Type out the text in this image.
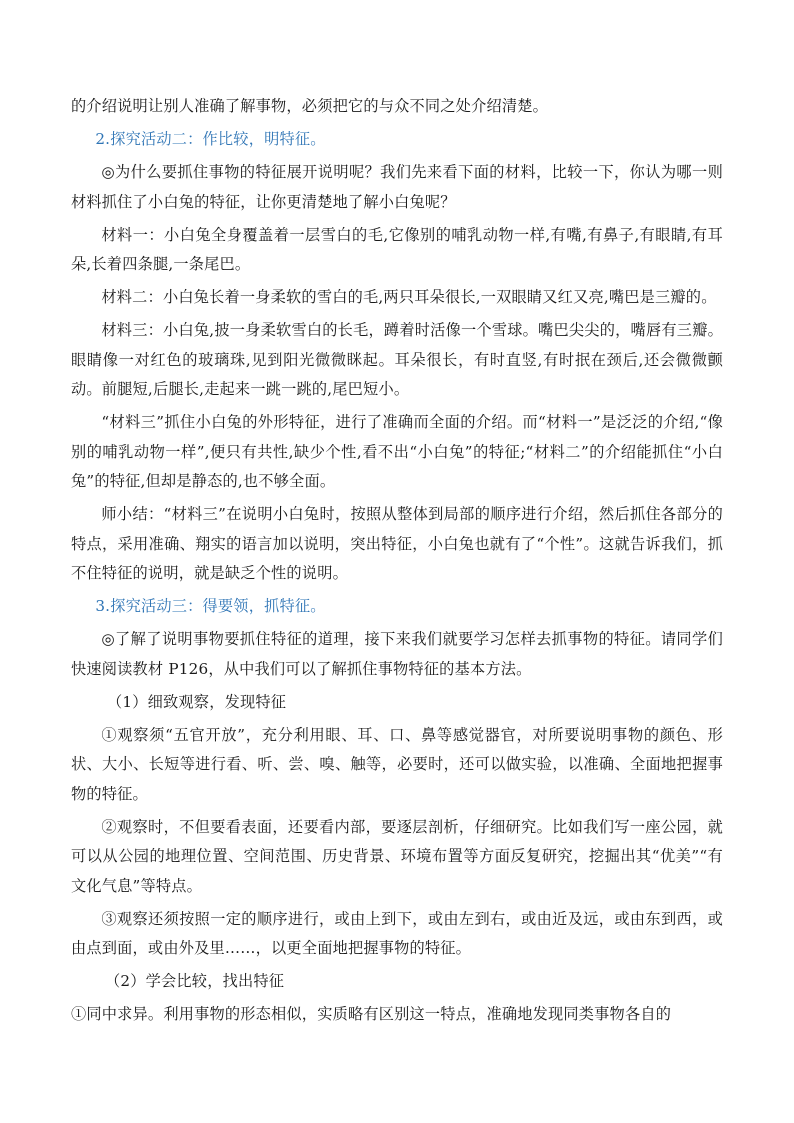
的介绍说明让别人准确了解事物，必须把它的与众不同之处介绍清楚。

2.探究活动二：作比较，明特征。

◎为什么要抓住事物的特征展开说明呢？我们先来看下面的材料，比较一下，你认为哪一则材料抓住了小白兔的特征，让你更清楚地了解小白兔呢？

材料一：小白兔全身覆盖着一层雪白的毛,它像别的哺乳动物一样,有嘴,有鼻子,有眼睛,有耳朵,长着四条腿,一条尾巴。

材料二：小白兔长着一身柔软的雪白的毛,两只耳朵很长,一双眼睛又红又亮,嘴巴是三瓣的。

材料三：小白兔,披一身柔软雪白的长毛，蹲着时活像一个雪球。嘴巴尖尖的，嘴唇有三瓣。眼睛像一对红色的玻璃珠,见到阳光微微眯起。耳朵很长，有时直竖,有时抿在颈后,还会微微颤动。前腿短,后腿长,走起来一跳一跳的,尾巴短小。

“材料三”抓住小白兔的外形特征，进行了准确而全面的介绍。而“材料一”是泛泛的介绍,“像别的哺乳动物一样”,便只有共性,缺少个性,看不出“小白兔”的特征;“材料二”的介绍能抓住“小白兔”的特征,但却是静态的,也不够全面。

师小结：“材料三”在说明小白兔时，按照从整体到局部的顺序进行介绍，然后抓住各部分的特点，采用准确、翔实的语言加以说明，突出特征，小白兔也就有了“个性”。这就告诉我们，抓不住特征的说明，就是缺乏个性的说明。

3.探究活动三：得要领，抓特征。

◎了解了说明事物要抓住特征的道理，接下来我们就要学习怎样去抓事物的特征。请同学们快速阅读教材 P126，从中我们可以了解抓住事物特征的基本方法。

（1）细致观察，发现特征

①观察须“五官开放”，充分利用眼、耳、口、鼻等感觉器官，对所要说明事物的颜色、形状、大小、长短等进行看、听、尝、嗅、触等，必要时，还可以做实验，以准确、全面地把握事物的特征。

②观察时，不但要看表面，还要看内部，要逐层剖析，仔细研究。比如我们写一座公园，就可以从公园的地理位置、空间范围、历史背景、环境布置等方面反复研究，挖掘出其“优美”“有文化气息”等特点。

③观察还须按照一定的顺序进行，或由上到下，或由左到右，或由近及远，或由东到西，或由点到面，或由外及里……，以更全面地把握事物的特征。

（2）学会比较，找出特征

①同中求异。利用事物的形态相似，实质略有区别这一特点，准确地发现同类事物各自的
